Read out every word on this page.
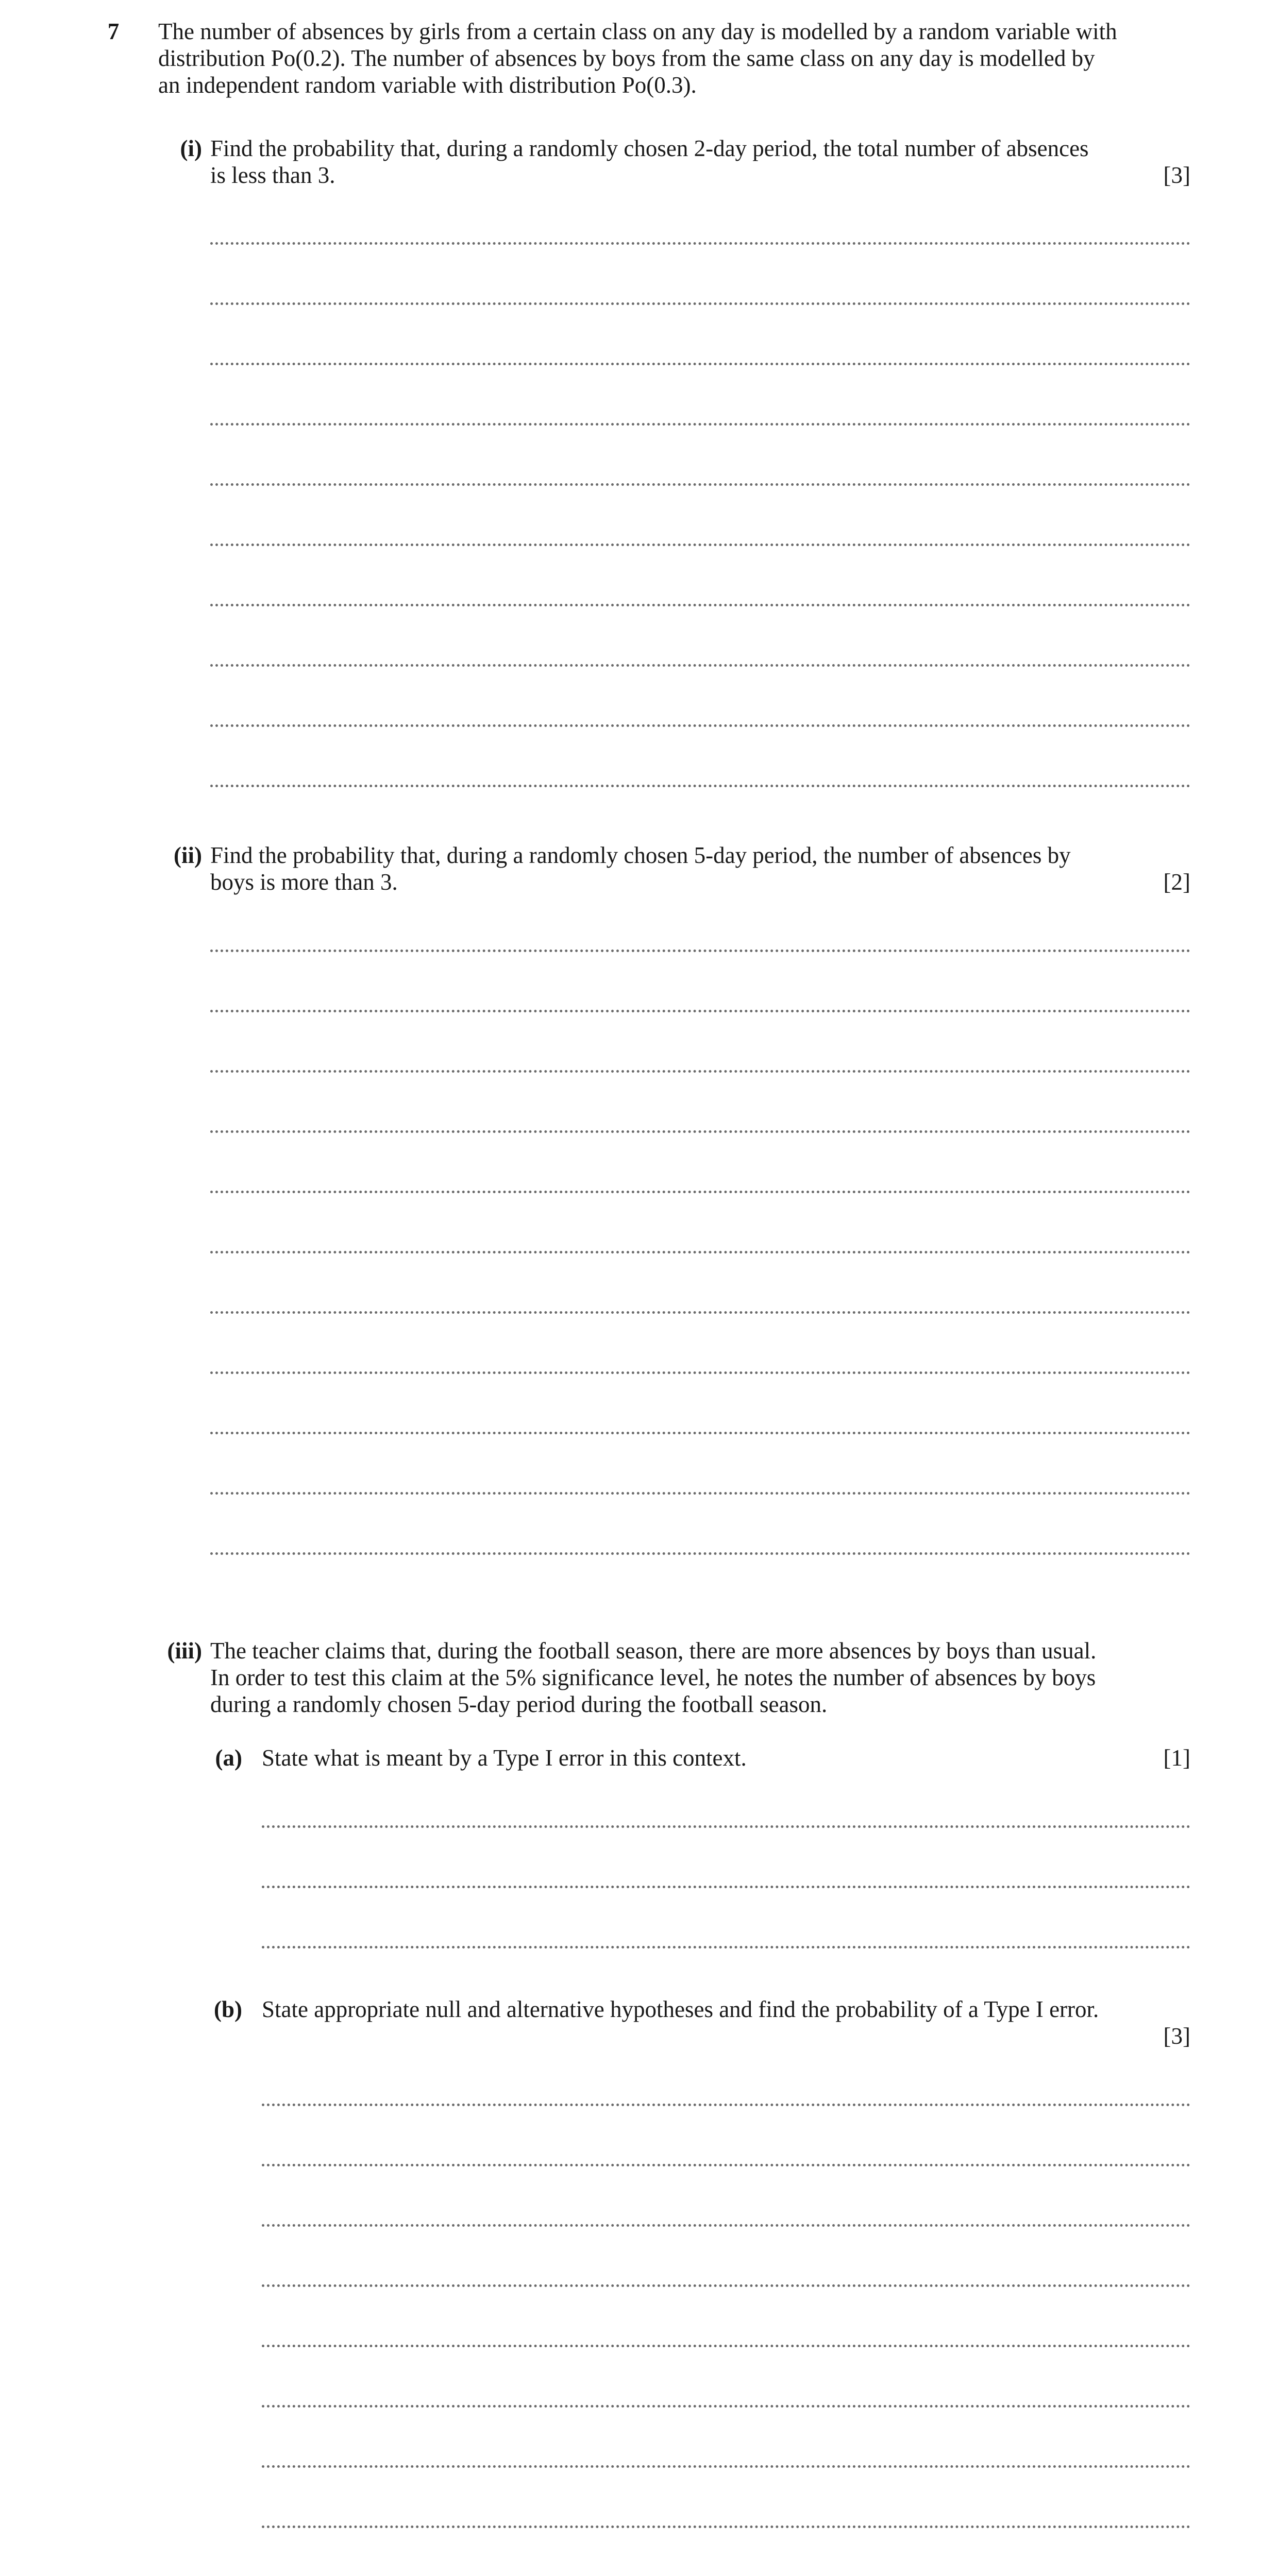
7	The number of absences by girls from a certain class on any day is modelled by a random variable with
distribution Po(0.2). The number of absences by boys from the same class on any day is modelled by
an independent random variable with distribution Po(0.3).
(i) Find the probability that, during a randomly chosen 2-day period, the total number of absences
is less than 3.	[3]
(ii) Find the probability that, during a randomly chosen 5-day period, the number of absences by
boys is more than 3.	[2]
(iii) The teacher claims that, during the football season, there are more absences by boys than usual.
In order to test this claim at the 5% significance level, he notes the number of absences by boys
during a randomly chosen 5-day period during the football season.
(a) State what is meant by a Type I error in this context.	[1]
(b) State appropriate null and alternative hypotheses and find the probability of a Type I error.
[3]
